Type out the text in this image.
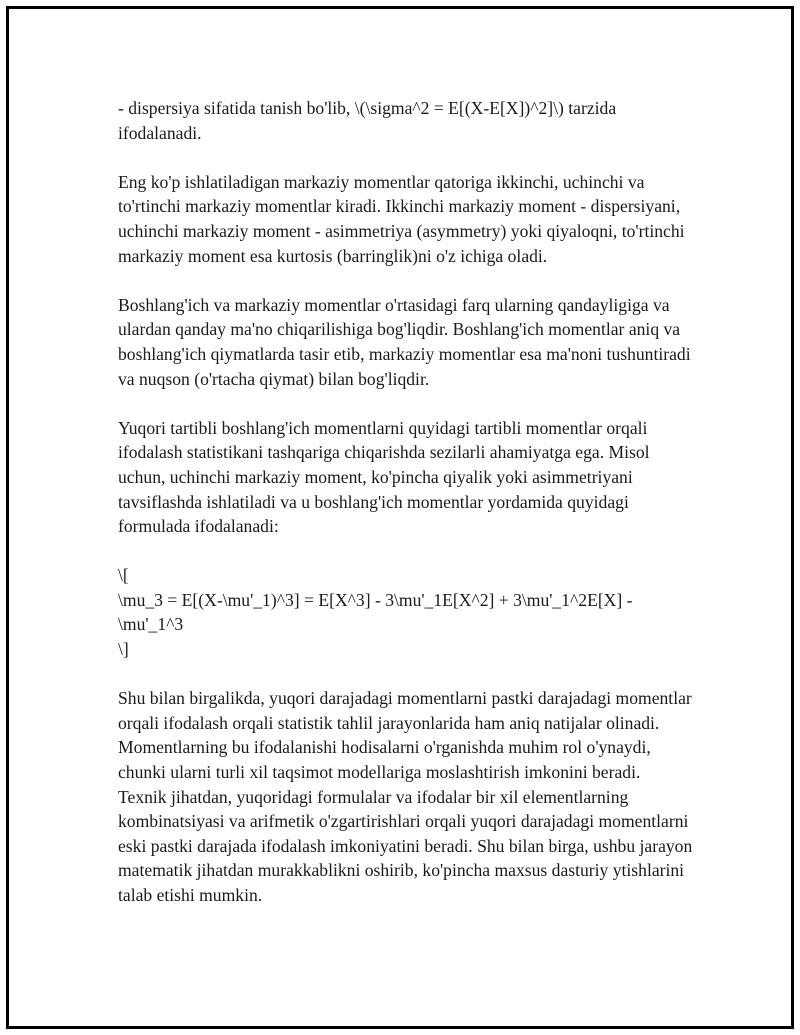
- dispersiya sifatida tanish bo'lib, \(\sigma^2 = E[(X-E[X])^2]\) tarzida ifodalanadi.

Eng ko'p ishlatiladigan markaziy momentlar qatoriga ikkinchi, uchinchi va to'rtinchi markaziy momentlar kiradi. Ikkinchi markaziy moment - dispersiyani, uchinchi markaziy moment - asimmetriya (asymmetry) yoki qiyaloqni, to'rtinchi markaziy moment esa kurtosis (barringlik)ni o'z ichiga oladi.

Boshlang'ich va markaziy momentlar o'rtasidagi farq ularning qandayligiga va ulardan qanday ma'no chiqarilishiga bog'liqdir. Boshlang'ich momentlar aniq va boshlang'ich qiymatlarda tasir etib, markaziy momentlar esa ma'noni tushuntiradi va nuqson (o'rtacha qiymat) bilan bog'liqdir.

Yuqori tartibli boshlang'ich momentlarni quyidagi tartibli momentlar orqali ifodalash statistikani tashqariga chiqarishda sezilarli ahamiyatga ega. Misol uchun, uchinchi markaziy moment, ko'pincha qiyalik yoki asimmetriyani tavsiflashda ishlatiladi va u boshlang'ich momentlar yordamida quyidagi formulada ifodalanadi:

\[
\mu_3 = E[(X-\mu'_1)^3] = E[X^3] - 3\mu'_1E[X^2] + 3\mu'_1^2E[X] -
\mu'_1^3
\]

Shu bilan birgalikda, yuqori darajadagi momentlarni pastki darajadagi momentlar orqali ifodalash orqali statistik tahlil jarayonlarida ham aniq natijalar olinadi. Momentlarning bu ifodalanishi hodisalarni o'rganishda muhim rol o'ynaydi, chunki ularni turli xil taqsimot modellariga moslashtirish imkonini beradi. Texnik jihatdan, yuqoridagi formulalar va ifodalar bir xil elementlarning kombinatsiyasi va arifmetik o'zgartirishlari orqali yuqori darajadagi momentlarni eski pastki darajada ifodalash imkoniyatini beradi. Shu bilan birga, ushbu jarayon matematik jihatdan murakkablikni oshirib, ko'pincha maxsus dasturiy ytishlarini talab etishi mumkin.
